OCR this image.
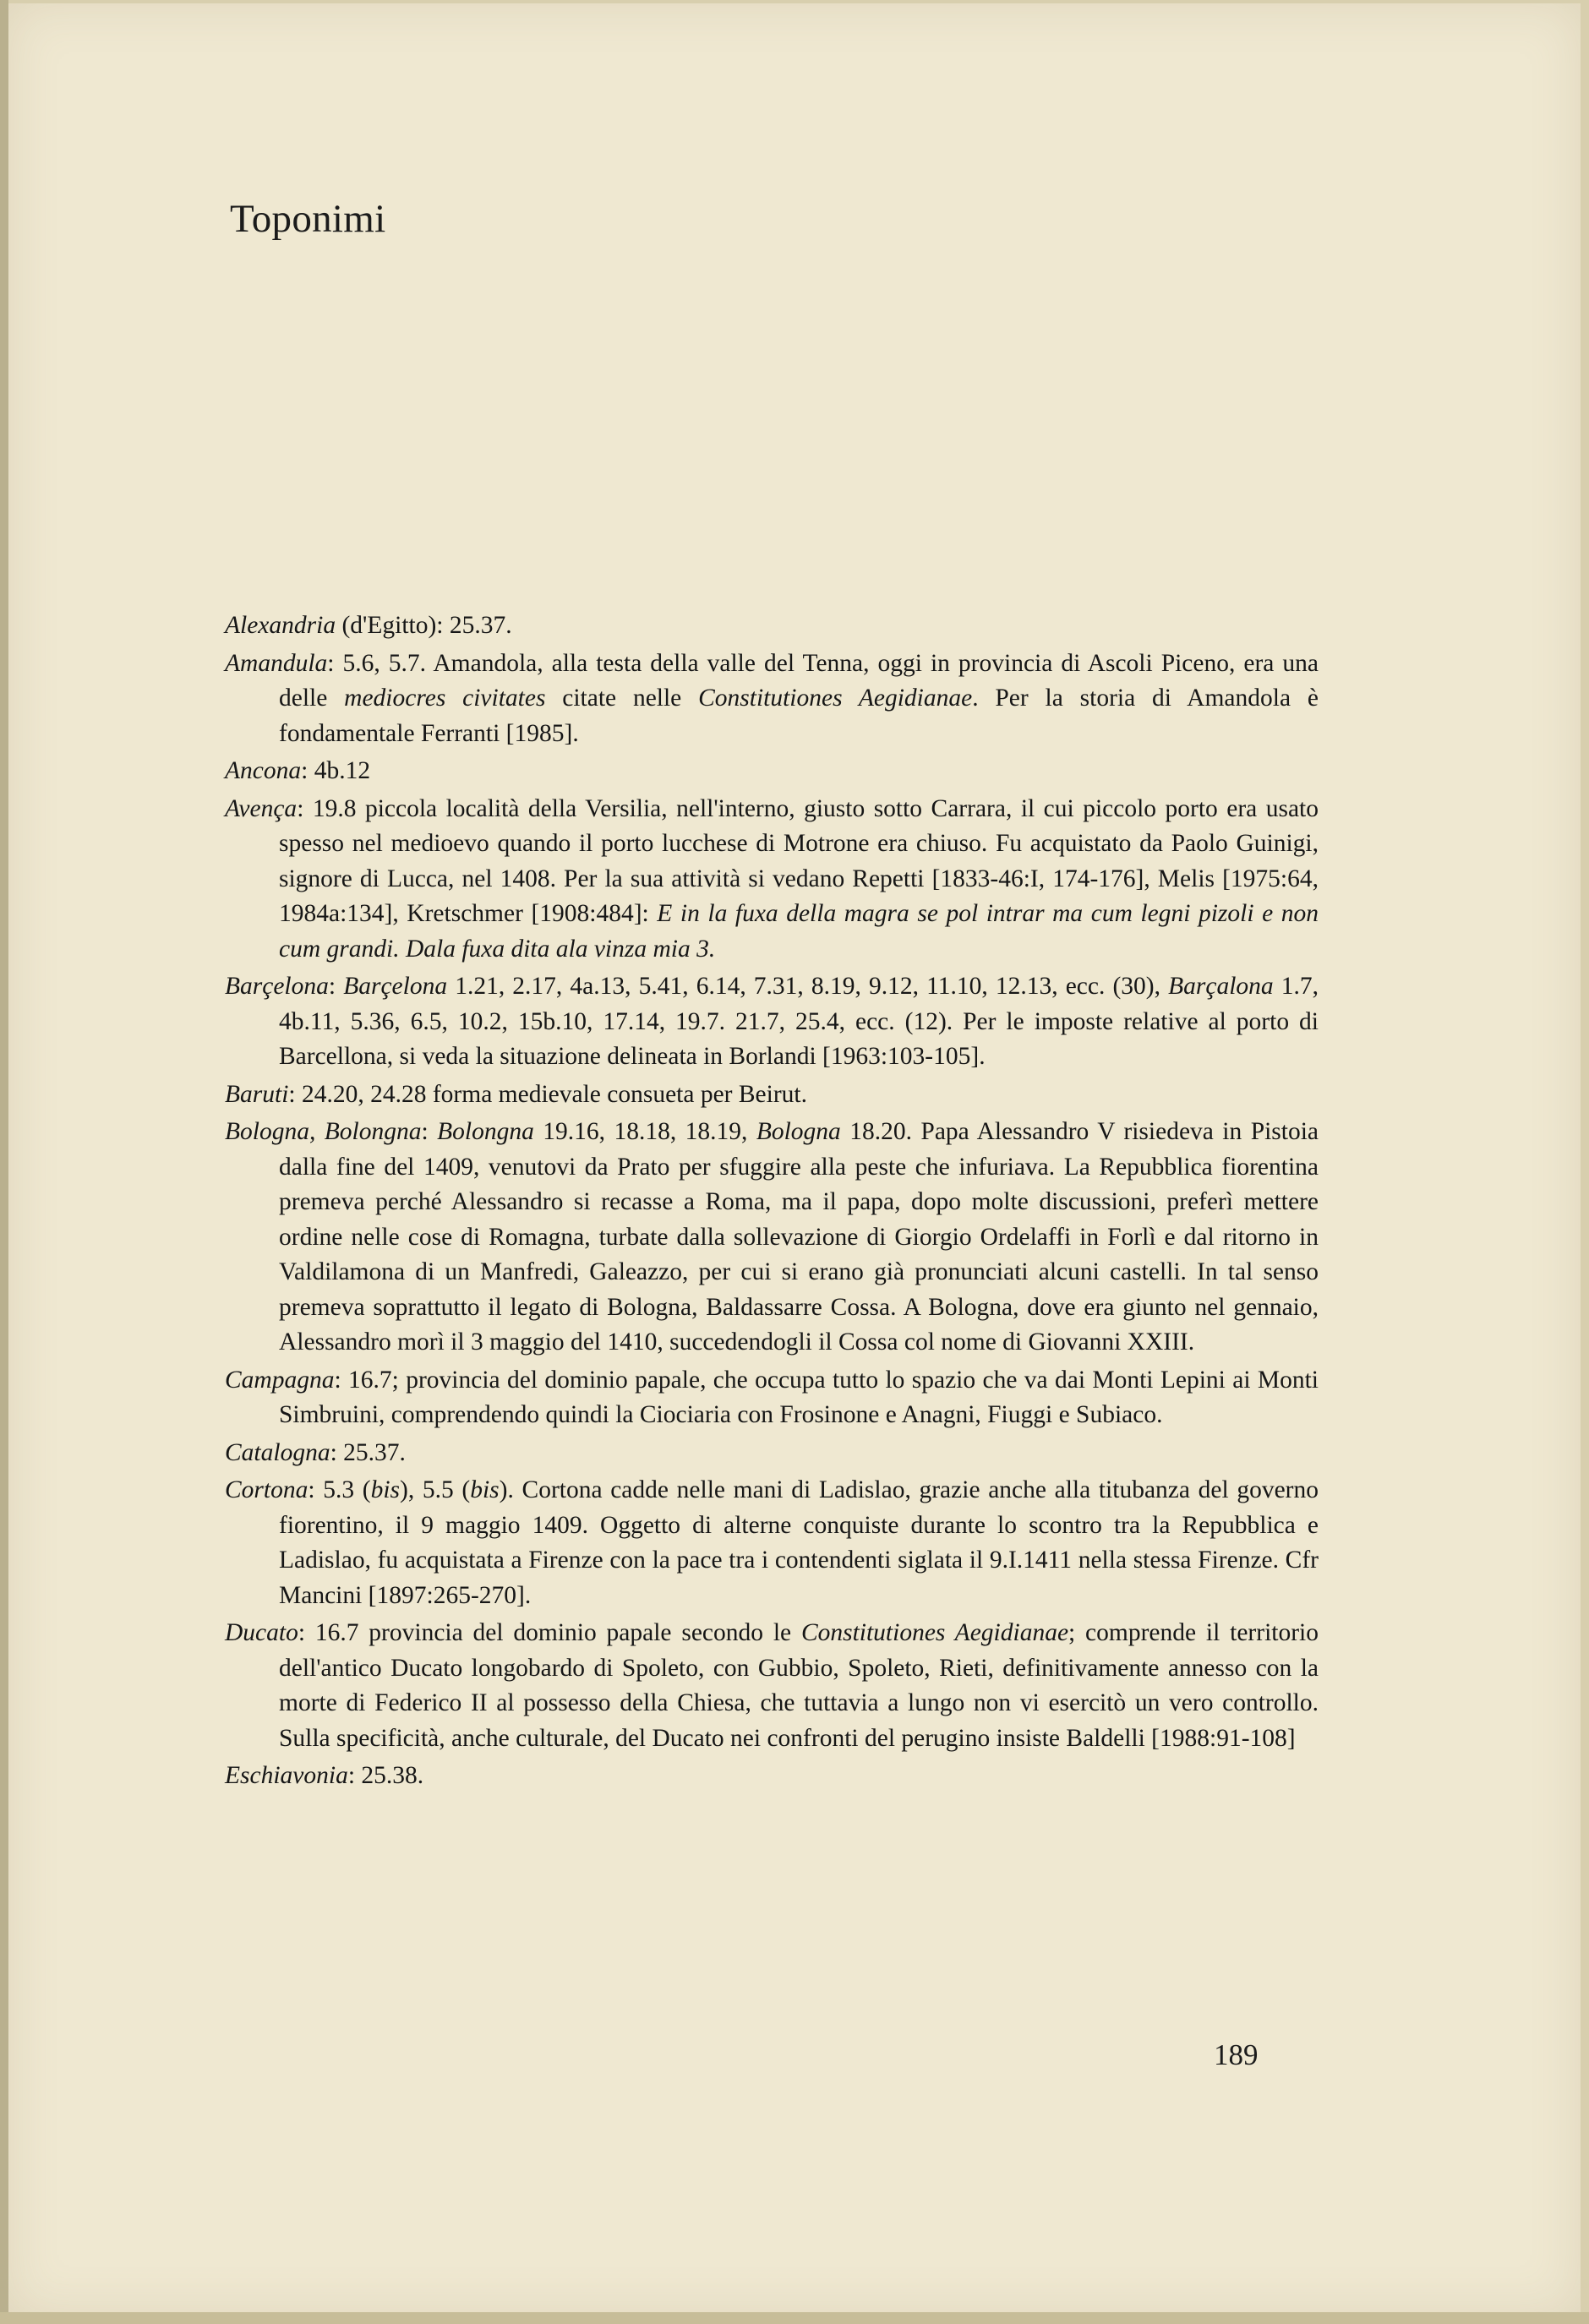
Toponimi

Alexandria (d'Egitto): 25.37.

Amandula: 5.6, 5.7. Amandola, alla testa della valle del Tenna, oggi in provincia di Ascoli Piceno, era una delle mediocres civitates citate nelle Constitutiones Aegidianae. Per la storia di Amandola è fondamentale Ferranti [1985].

Ancona: 4b.12

Avença: 19.8 piccola località della Versilia, nell'interno, giusto sotto Carrara, il cui piccolo porto era usato spesso nel medioevo quando il porto lucchese di Motrone era chiuso. Fu acquistato da Paolo Guinigi, signore di Lucca, nel 1408. Per la sua attività si vedano Repetti [1833-46:I, 174-176], Melis [1975:64, 1984a:134], Kretschmer [1908:484]: E in la fuxa della magra se pol intrar ma cum legni pizoli e non cum grandi. Dala fuxa dita ala vinza mia 3.

Barçelona: Barçelona 1.21, 2.17, 4a.13, 5.41, 6.14, 7.31, 8.19, 9.12, 11.10, 12.13, ecc. (30), Barçalona 1.7, 4b.11, 5.36, 6.5, 10.2, 15b.10, 17.14, 19.7. 21.7, 25.4, ecc. (12). Per le imposte relative al porto di Barcellona, si veda la situazione delineata in Borlandi [1963:103-105].

Baruti: 24.20, 24.28 forma medievale consueta per Beirut.

Bologna, Bolongna: Bolongna 19.16, 18.18, 18.19, Bologna 18.20. Papa Alessandro V risiedeva in Pistoia dalla fine del 1409, venutovi da Prato per sfuggire alla peste che infuriava. La Repubblica fiorentina premeva perché Alessandro si recasse a Roma, ma il papa, dopo molte discussioni, preferì mettere ordine nelle cose di Romagna, turbate dalla sollevazione di Giorgio Ordelaffi in Forlì e dal ritorno in Valdilamona di un Manfredi, Galeazzo, per cui si erano già pronunciati alcuni castelli. In tal senso premeva soprattutto il legato di Bologna, Baldassarre Cossa. A Bologna, dove era giunto nel gennaio, Alessandro morì il 3 maggio del 1410, succedendogli il Cossa col nome di Giovanni XXIII.

Campagna: 16.7; provincia del dominio papale, che occupa tutto lo spazio che va dai Monti Lepini ai Monti Simbruini, comprendendo quindi la Ciociaria con Frosinone e Anagni, Fiuggi e Subiaco.

Catalogna: 25.37.

Cortona: 5.3 (bis), 5.5 (bis). Cortona cadde nelle mani di Ladislao, grazie anche alla titubanza del governo fiorentino, il 9 maggio 1409. Oggetto di alterne conquiste durante lo scontro tra la Repubblica e Ladislao, fu acquistata a Firenze con la pace tra i contendenti siglata il 9.I.1411 nella stessa Firenze. Cfr Mancini [1897:265-270].

Ducato: 16.7 provincia del dominio papale secondo le Constitutiones Aegidianae; comprende il territorio dell'antico Ducato longobardo di Spoleto, con Gubbio, Spoleto, Rieti, definitivamente annesso con la morte di Federico II al possesso della Chiesa, che tuttavia a lungo non vi esercitò un vero controllo. Sulla specificità, anche culturale, del Ducato nei confronti del perugino insiste Baldelli [1988:91-108]

Eschiavonia: 25.38.

189
